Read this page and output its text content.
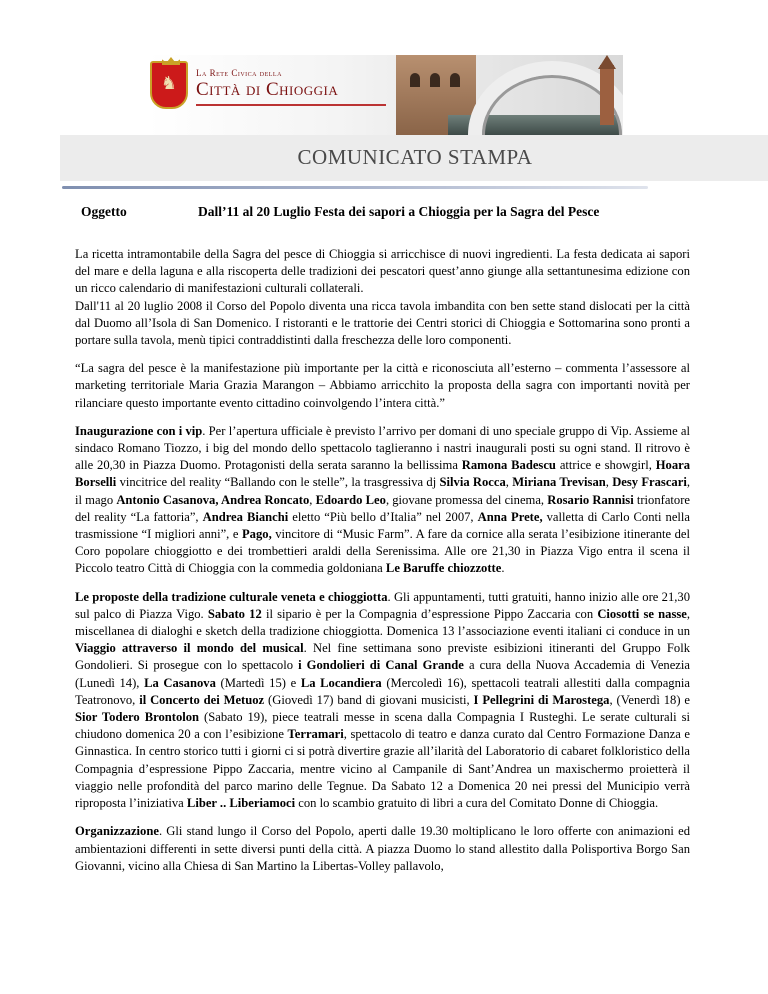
♞ La Rete Civica della
Città di Chioggia
COMUNICATO STAMPA
Oggetto	Dall’11 al 20 Luglio Festa dei sapori a Chioggia per la Sagra del Pesce

La ricetta intramontabile della Sagra del pesce di Chioggia si arricchisce di nuovi ingredienti. La festa dedicata ai sapori del mare e della laguna e alla riscoperta delle tradizioni dei pescatori quest’anno giunge alla settantunesima edizione con un ricco calendario di manifestazioni culturali collaterali.

Dall'11 al 20 luglio 2008 il Corso del Popolo diventa una ricca tavola imbandita con ben sette stand dislocati per la città dal Duomo all’Isola di San Domenico. I ristoranti e le trattorie dei Centri storici di Chioggia e Sottomarina sono pronti a portare sulla tavola, menù tipici contraddistinti dalla freschezza delle loro componenti.

“La sagra del pesce è la manifestazione più importante per la città e riconosciuta all’esterno – commenta l’assessore al marketing territoriale Maria Grazia Marangon – Abbiamo arricchito la proposta della sagra con importanti novità per rilanciare questo importante evento cittadino coinvolgendo l’intera città.”

Inaugurazione con i vip. Per l’apertura ufficiale è previsto l’arrivo per domani di uno speciale gruppo di Vip. Assieme al sindaco Romano Tiozzo, i big del mondo dello spettacolo taglieranno i nastri inaugurali posti su ogni stand. Il ritrovo è alle 20,30 in Piazza Duomo. Protagonisti della serata saranno la bellissima Ramona Badescu attrice e showgirl, Hoara Borselli vincitrice del reality “Ballando con le stelle”, la trasgressiva dj Silvia Rocca, Miriana Trevisan, Desy Frascari, il mago Antonio Casanova, Andrea Roncato, Edoardo Leo, giovane promessa del cinema, Rosario Rannisi trionfatore del reality “La fattoria”, Andrea Bianchi eletto “Più bello d’Italia” nel 2007, Anna Prete, valletta di Carlo Conti nella trasmissione “I migliori anni”, e Pago, vincitore di “Music Farm”. A fare da cornice alla serata l’esibizione itinerante del Coro popolare chioggiotto e dei trombettieri araldi della Serenissima. Alle ore 21,30 in Piazza Vigo entra il scena il Piccolo teatro Città di Chioggia con la commedia goldoniana Le Baruffe chiozzotte.

Le proposte della tradizione culturale veneta e chioggiotta. Gli appuntamenti, tutti gratuiti, hanno inizio alle ore 21,30 sul palco di Piazza Vigo. Sabato 12 il sipario è per la Compagnia d’espressione Pippo Zaccaria con Ciosotti se nasse, miscellanea di dialoghi e sketch della tradizione chioggiotta. Domenica 13 l’associazione eventi italiani ci conduce in un Viaggio attraverso il mondo del musical. Nel fine settimana sono previste esibizioni itineranti del Gruppo Folk Gondolieri. Si prosegue con lo spettacolo i Gondolieri di Canal Grande a cura della Nuova Accademia di Venezia (Lunedì 14), La Casanova (Martedì 15) e La Locandiera (Mercoledì 16), spettacoli teatrali allestiti dalla compagnia Teatronovo, il Concerto dei Metuoz (Giovedì 17) band di giovani musicisti, I Pellegrini di Marostega, (Venerdì 18) e Sior Todero Brontolon (Sabato 19), piece teatrali messe in scena dalla Compagnia I Rusteghi. Le serate culturali si chiudono domenica 20 a con l’esibizione Terramari, spettacolo di teatro e danza curato dal Centro Formazione Danza e Ginnastica. In centro storico tutti i giorni ci si potrà divertire grazie all’ilarità del Laboratorio di cabaret folkloristico della Compagnia d’espressione Pippo Zaccaria, mentre vicino al Campanile di Sant’Andrea un maxischermo proietterà il viaggio nelle profondità del parco marino delle Tegnue. Da Sabato 12 a Domenica 20 nei pressi del Municipio verrà riproposta l’iniziativa Liber .. Liberiamoci con lo scambio gratuito di libri a cura del Comitato Donne di Chioggia.

Organizzazione. Gli stand lungo il Corso del Popolo, aperti dalle 19.30 moltiplicano le loro offerte con animazioni ed ambientazioni differenti in sette diversi punti della città. A piazza Duomo lo stand allestito dalla Polisportiva Borgo San Giovanni, vicino alla Chiesa di San Martino la Libertas-Volley pallavolo,
